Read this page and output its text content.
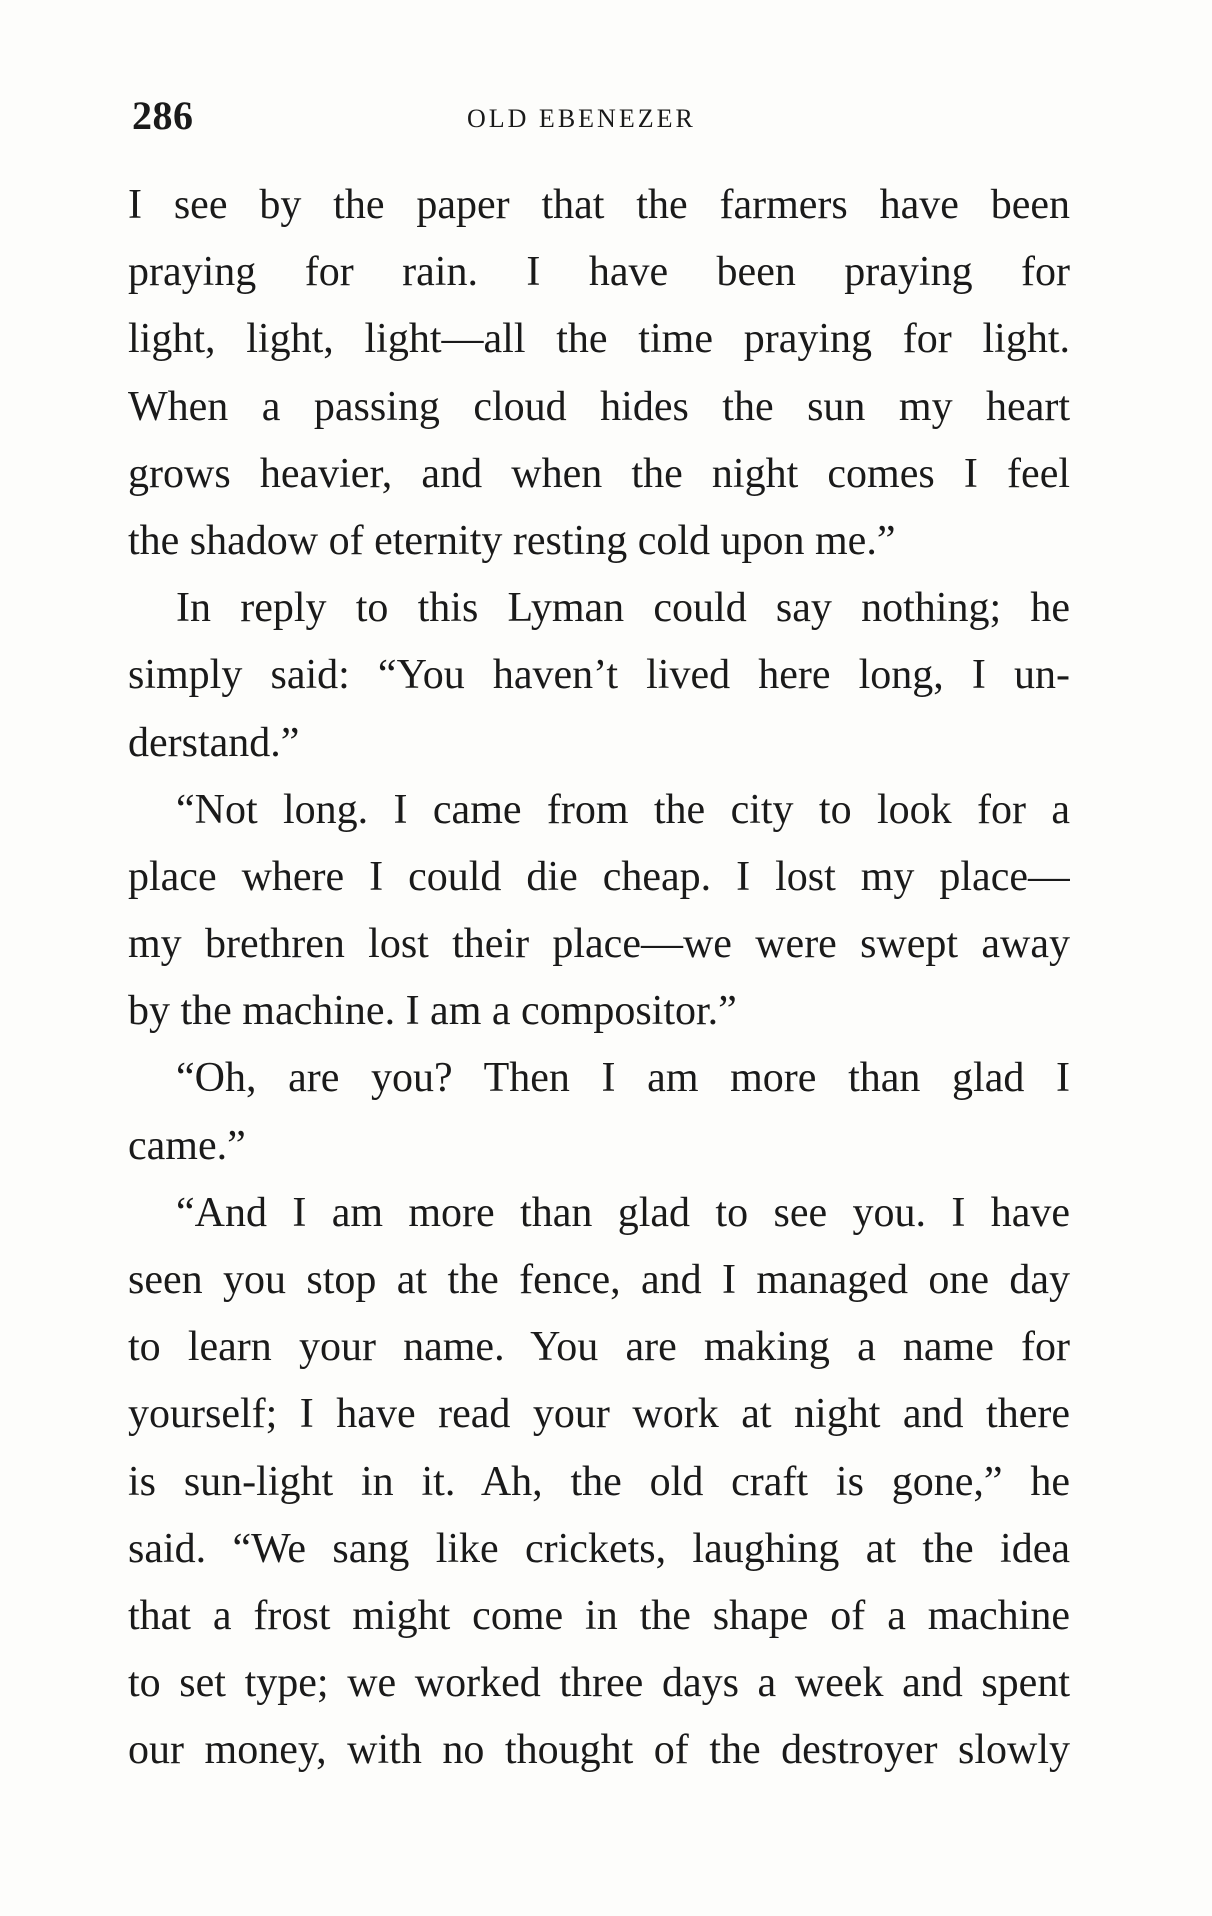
286	OLD EBENEZER
I see by the paper that the farmers have been
praying for rain. I have been praying for
light, light, light—all the time praying for light.
When a passing cloud hides the sun my heart
grows heavier, and when the night comes I feel
the shadow of eternity resting cold upon me.”
In reply to this Lyman could say nothing; he
simply said: “You haven’t lived here long, I un-
derstand.”
“Not long. I came from the city to look for a
place where I could die cheap. I lost my place—
my brethren lost their place—we were swept away
by the machine. I am a compositor.”
“Oh, are you? Then I am more than glad I
came.”
“And I am more than glad to see you. I have
seen you stop at the fence, and I managed one day
to learn your name. You are making a name for
yourself; I have read your work at night and there
is sun-light in it. Ah, the old craft is gone,” he
said. “We sang like crickets, laughing at the idea
that a frost might come in the shape of a machine
to set type; we worked three days a week and spent
our money, with no thought of the destroyer slowly
